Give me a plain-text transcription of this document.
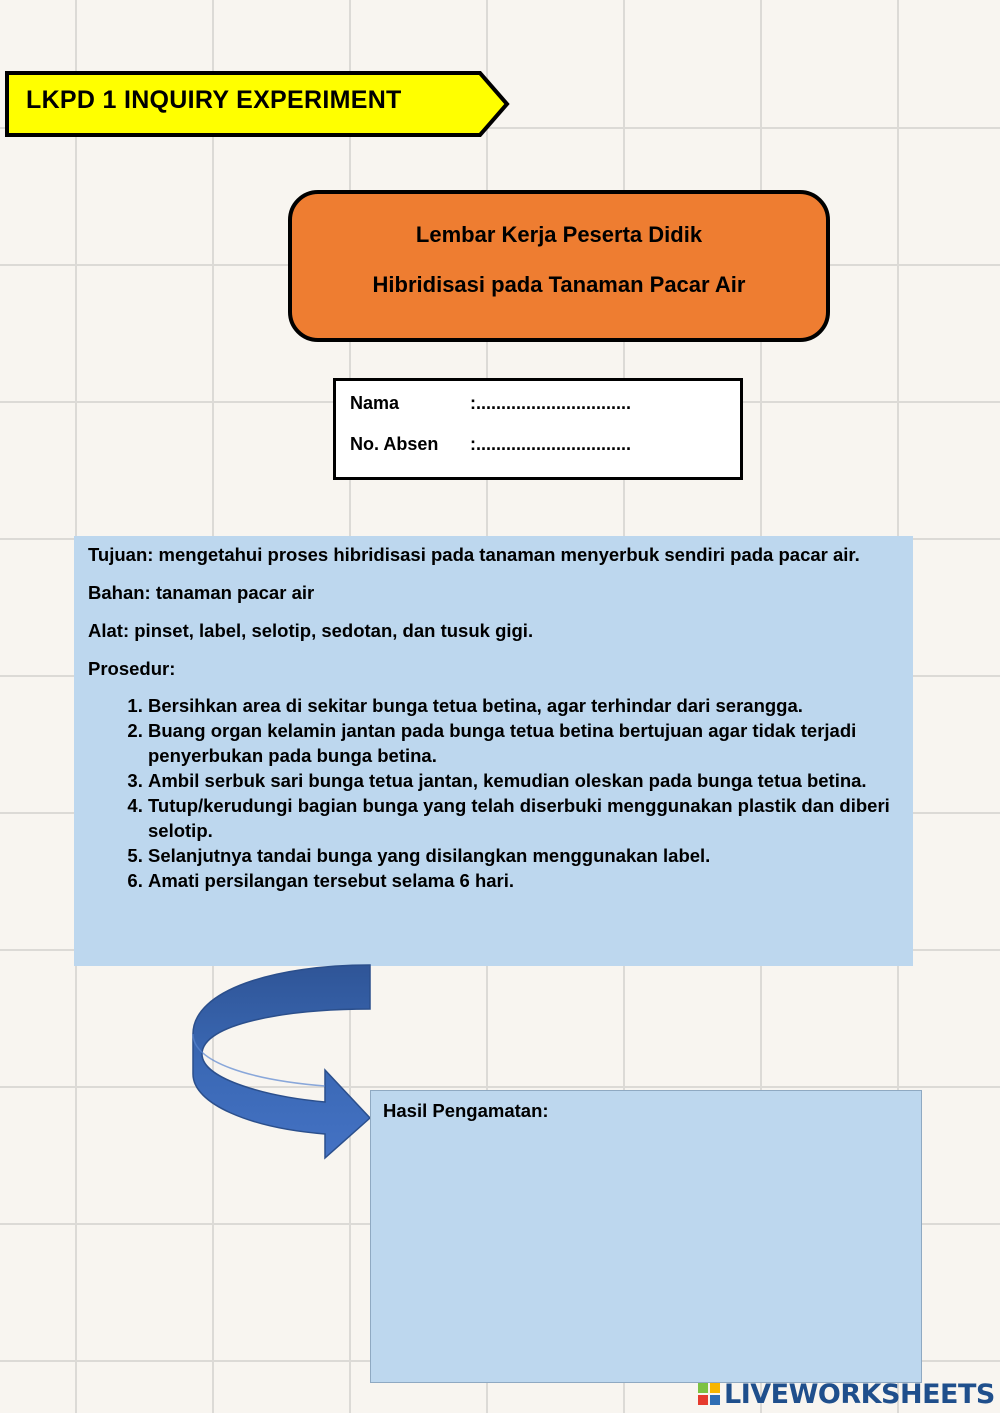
LKPD 1 INQUIRY EXPERIMENT
Lembar Kerja Peserta Didik
Hibridisasi pada Tanaman Pacar Air
Nama	:...............................
No. Absen :...............................

Tujuan: mengetahui proses hibridisasi pada tanaman menyerbuk sendiri pada pacar air.

Bahan: tanaman pacar air

Alat: pinset, label, selotip, sedotan, dan tusuk gigi.

Prosedur:

1. Bersihkan area di sekitar bunga tetua betina, agar terhindar dari serangga.
2. Buang organ kelamin jantan pada bunga tetua betina bertujuan agar tidak terjadi penyerbukan pada bunga betina.
3. Ambil serbuk sari bunga tetua jantan, kemudian oleskan pada bunga tetua betina.
4. Tutup/kerudungi bagian bunga yang telah diserbuki menggunakan plastik dan diberi selotip.
5. Selanjutnya tandai bunga yang disilangkan menggunakan label.
6. Amati persilangan tersebut selama 6 hari.
Hasil Pengamatan:
LIVEWORKSHEETS
